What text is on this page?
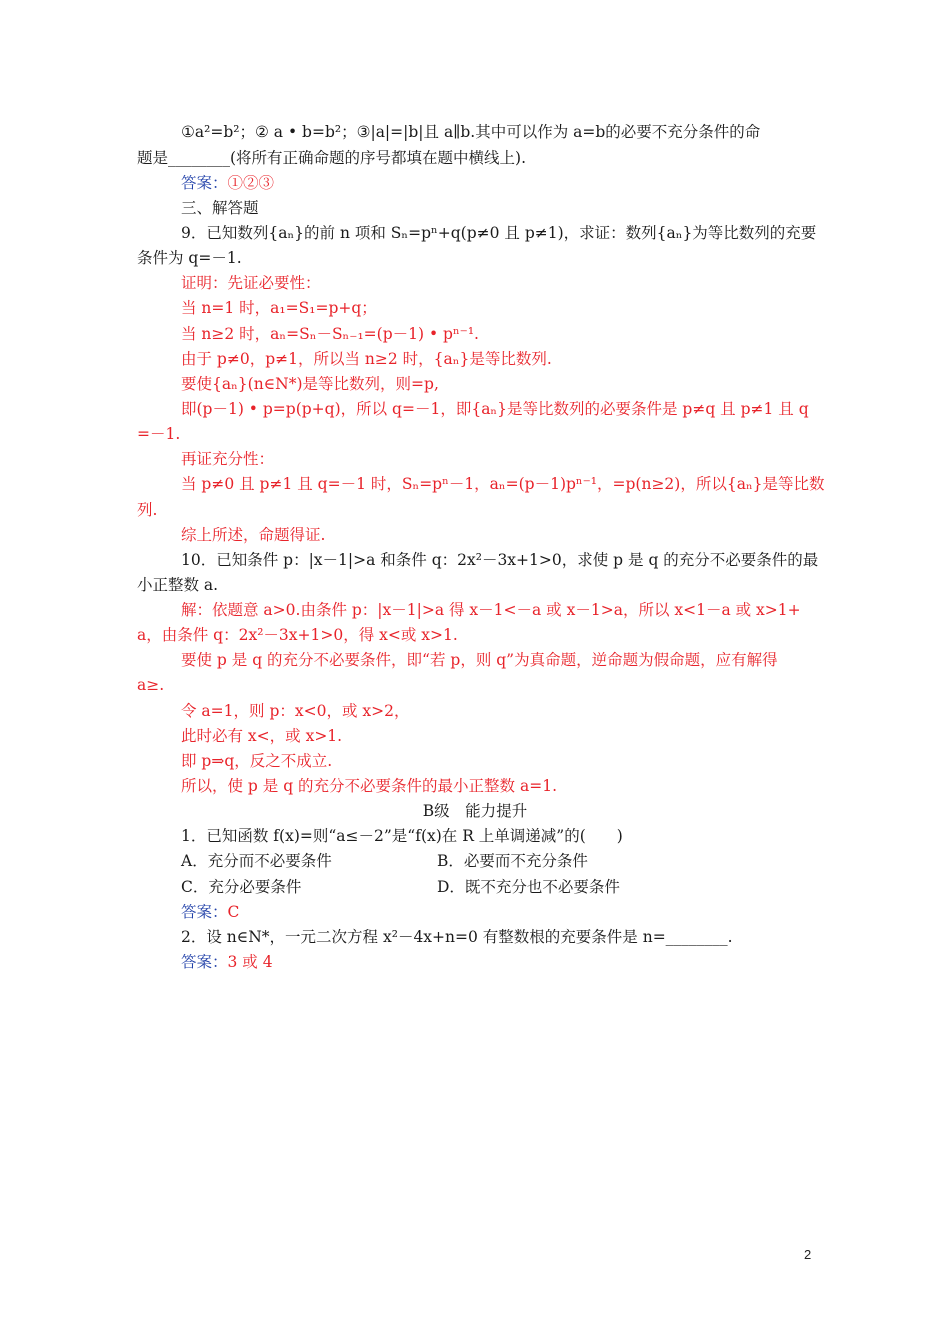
①a²=b²；② a • b=b²；③|a|=|b|且 a∥b.其中可以作为 a=b的必要不充分条件的命
题是________(将所有正确命题的序号都填在题中横线上).
答案：①②③
三、解答题
9．已知数列{aₙ}的前 n 项和 Sₙ=pⁿ+q(p≠0 且 p≠1)，求证：数列{aₙ}为等比数列的充要
条件为 q=－1.
证明：先证必要性：
当 n=1 时，a₁=S₁=p+q；
当 n≥2 时，aₙ=Sₙ－Sₙ₋₁=(p－1) • pⁿ⁻¹.
由于 p≠0，p≠1，所以当 n≥2 时，{aₙ}是等比数列.
要使{aₙ}(n∈N*)是等比数列，则=p,
即(p－1) • p=p(p+q)，所以 q=－1，即{aₙ}是等比数列的必要条件是 p≠q 且 p≠1 且 q
=－1.
再证充分性：
当 p≠0 且 p≠1 且 q=－1 时，Sₙ=pⁿ－1，aₙ=(p－1)pⁿ⁻¹，=p(n≥2)，所以{aₙ}是等比数
列.
综上所述，命题得证.
10．已知条件 p：|x－1|>a 和条件 q：2x²－3x+1>0，求使 p 是 q 的充分不必要条件的最
小正整数 a.
解：依题意 a>0.由条件 p：|x－1|>a 得 x－1<－a 或 x－1>a，所以 x<1－a 或 x>1+
a，由条件 q：2x²－3x+1>0，得 x<或 x>1.
要使 p 是 q 的充分不必要条件，即“若 p，则 q”为真命题，逆命题为假命题，应有解得
a≥.
令 a=1，则 p：x<0，或 x>2，
此时必有 x<，或 x>1.
即 p⇒q，反之不成立.
所以，使 p 是 q 的充分不必要条件的最小正整数 a=1.
B级　能力提升
1．已知函数 f(x)=则“a≤－2”是“f(x)在 R 上单调递减”的(　　)
A．充分而不必要条件	B．必要而不充分条件
C．充分必要条件	D．既不充分也不必要条件
答案：C
2．设 n∈N*，一元二次方程 x²－4x+n=0 有整数根的充要条件是 n=________.
答案：3 或 4
2
